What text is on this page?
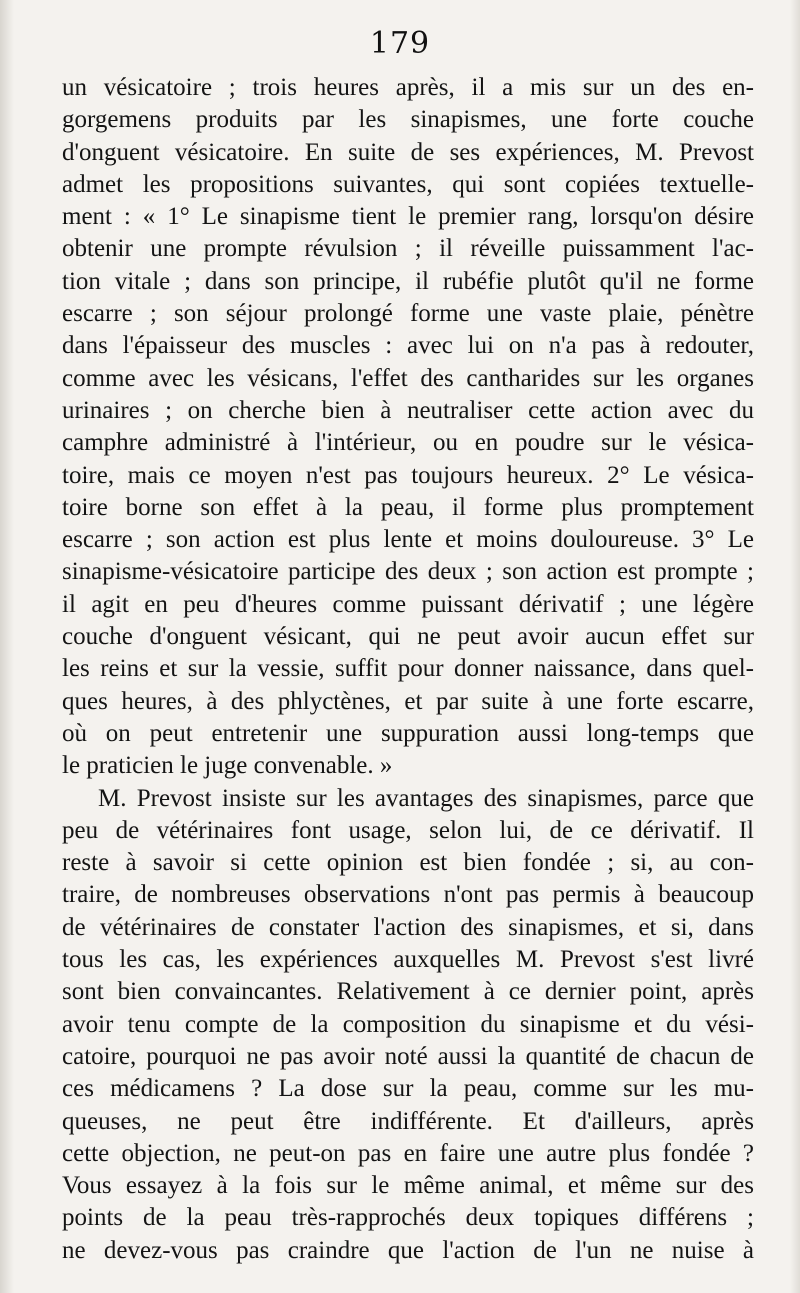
179
un vésicatoire ; trois heures après, il a mis sur un des en-
gorgemens produits par les sinapismes, une forte couche
d'onguent vésicatoire. En suite de ses expériences, M. Prevost
admet les propositions suivantes, qui sont copiées textuelle-
ment : « 1° Le sinapisme tient le premier rang, lorsqu'on désire
obtenir une prompte révulsion ; il réveille puissamment l'ac-
tion vitale ; dans son principe, il rubéfie plutôt qu'il ne forme
escarre ; son séjour prolongé forme une vaste plaie, pénètre
dans l'épaisseur des muscles : avec lui on n'a pas à redouter,
comme avec les vésicans, l'effet des cantharides sur les organes
urinaires ; on cherche bien à neutraliser cette action avec du
camphre administré à l'intérieur, ou en poudre sur le vésica-
toire, mais ce moyen n'est pas toujours heureux. 2° Le vésica-
toire borne son effet à la peau, il forme plus promptement
escarre ; son action est plus lente et moins douloureuse. 3° Le
sinapisme-vésicatoire participe des deux ; son action est prompte ;
il agit en peu d'heures comme puissant dérivatif ; une légère
couche d'onguent vésicant, qui ne peut avoir aucun effet sur
les reins et sur la vessie, suffit pour donner naissance, dans quel-
ques heures, à des phlyctènes, et par suite à une forte escarre,
où on peut entretenir une suppuration aussi long-temps que
le praticien le juge convenable. »
M. Prevost insiste sur les avantages des sinapismes, parce que
peu de vétérinaires font usage, selon lui, de ce dérivatif. Il
reste à savoir si cette opinion est bien fondée ; si, au con-
traire, de nombreuses observations n'ont pas permis à beaucoup
de vétérinaires de constater l'action des sinapismes, et si, dans
tous les cas, les expériences auxquelles M. Prevost s'est livré
sont bien convaincantes. Relativement à ce dernier point, après
avoir tenu compte de la composition du sinapisme et du vési-
catoire, pourquoi ne pas avoir noté aussi la quantité de chacun de
ces médicamens ? La dose sur la peau, comme sur les mu-
queuses, ne peut être indifférente. Et d'ailleurs, après
cette objection, ne peut-on pas en faire une autre plus fondée ?
Vous essayez à la fois sur le même animal, et même sur des
points de la peau très-rapprochés deux topiques différens ;
ne devez-vous pas craindre que l'action de l'un ne nuise à
